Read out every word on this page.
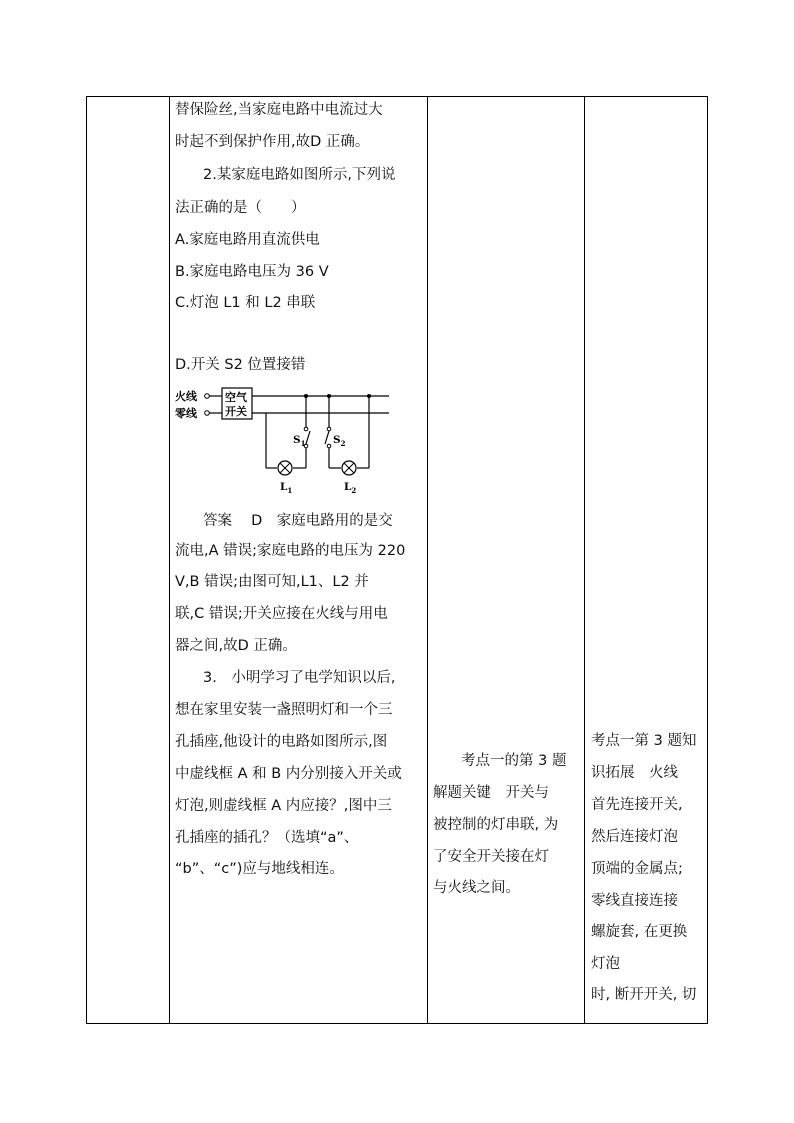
替保险丝,当家庭电路中电流过大
时起不到保护作用,故D 正确。
2.某家庭电路如图所示,下列说
法正确的是（　　）
A.家庭电路用直流供电
B.家庭电路电压为 36 V
C.灯泡 L1 和 L2 串联
D.开关 S2 位置接错
火线
零线
空气
开关
$S_1$	$S_2$
$L_1$	$L_2$
答案　 D　家庭电路用的是交
流电,A 错误;家庭电路的电压为 220
V,B 错误;由图可知,L1、L2 并
联,C 错误;开关应接在火线与用电
器之间,故D 正确。
3.　小明学习了电学知识以后,
想在家里安装一盏照明灯和一个三
孔插座,他设计的电路如图所示,图
中虚线框 A 和 B 内分别接入开关或
灯泡,则虚线框 A 内应接？,图中三
孔插座的插孔？（选填“a”、
“b”、“c”)应与地线相连。
考点一的第 3 题
解题关键　开关与
被控制的灯串联, 为
了安全开关接在灯
与火线之间。
考点一第 3 题知
识拓展　火线
首先连接开关,
然后连接灯泡
顶端的金属点;
零线直接连接
螺旋套, 在更换
灯泡
时, 断开开关, 切
